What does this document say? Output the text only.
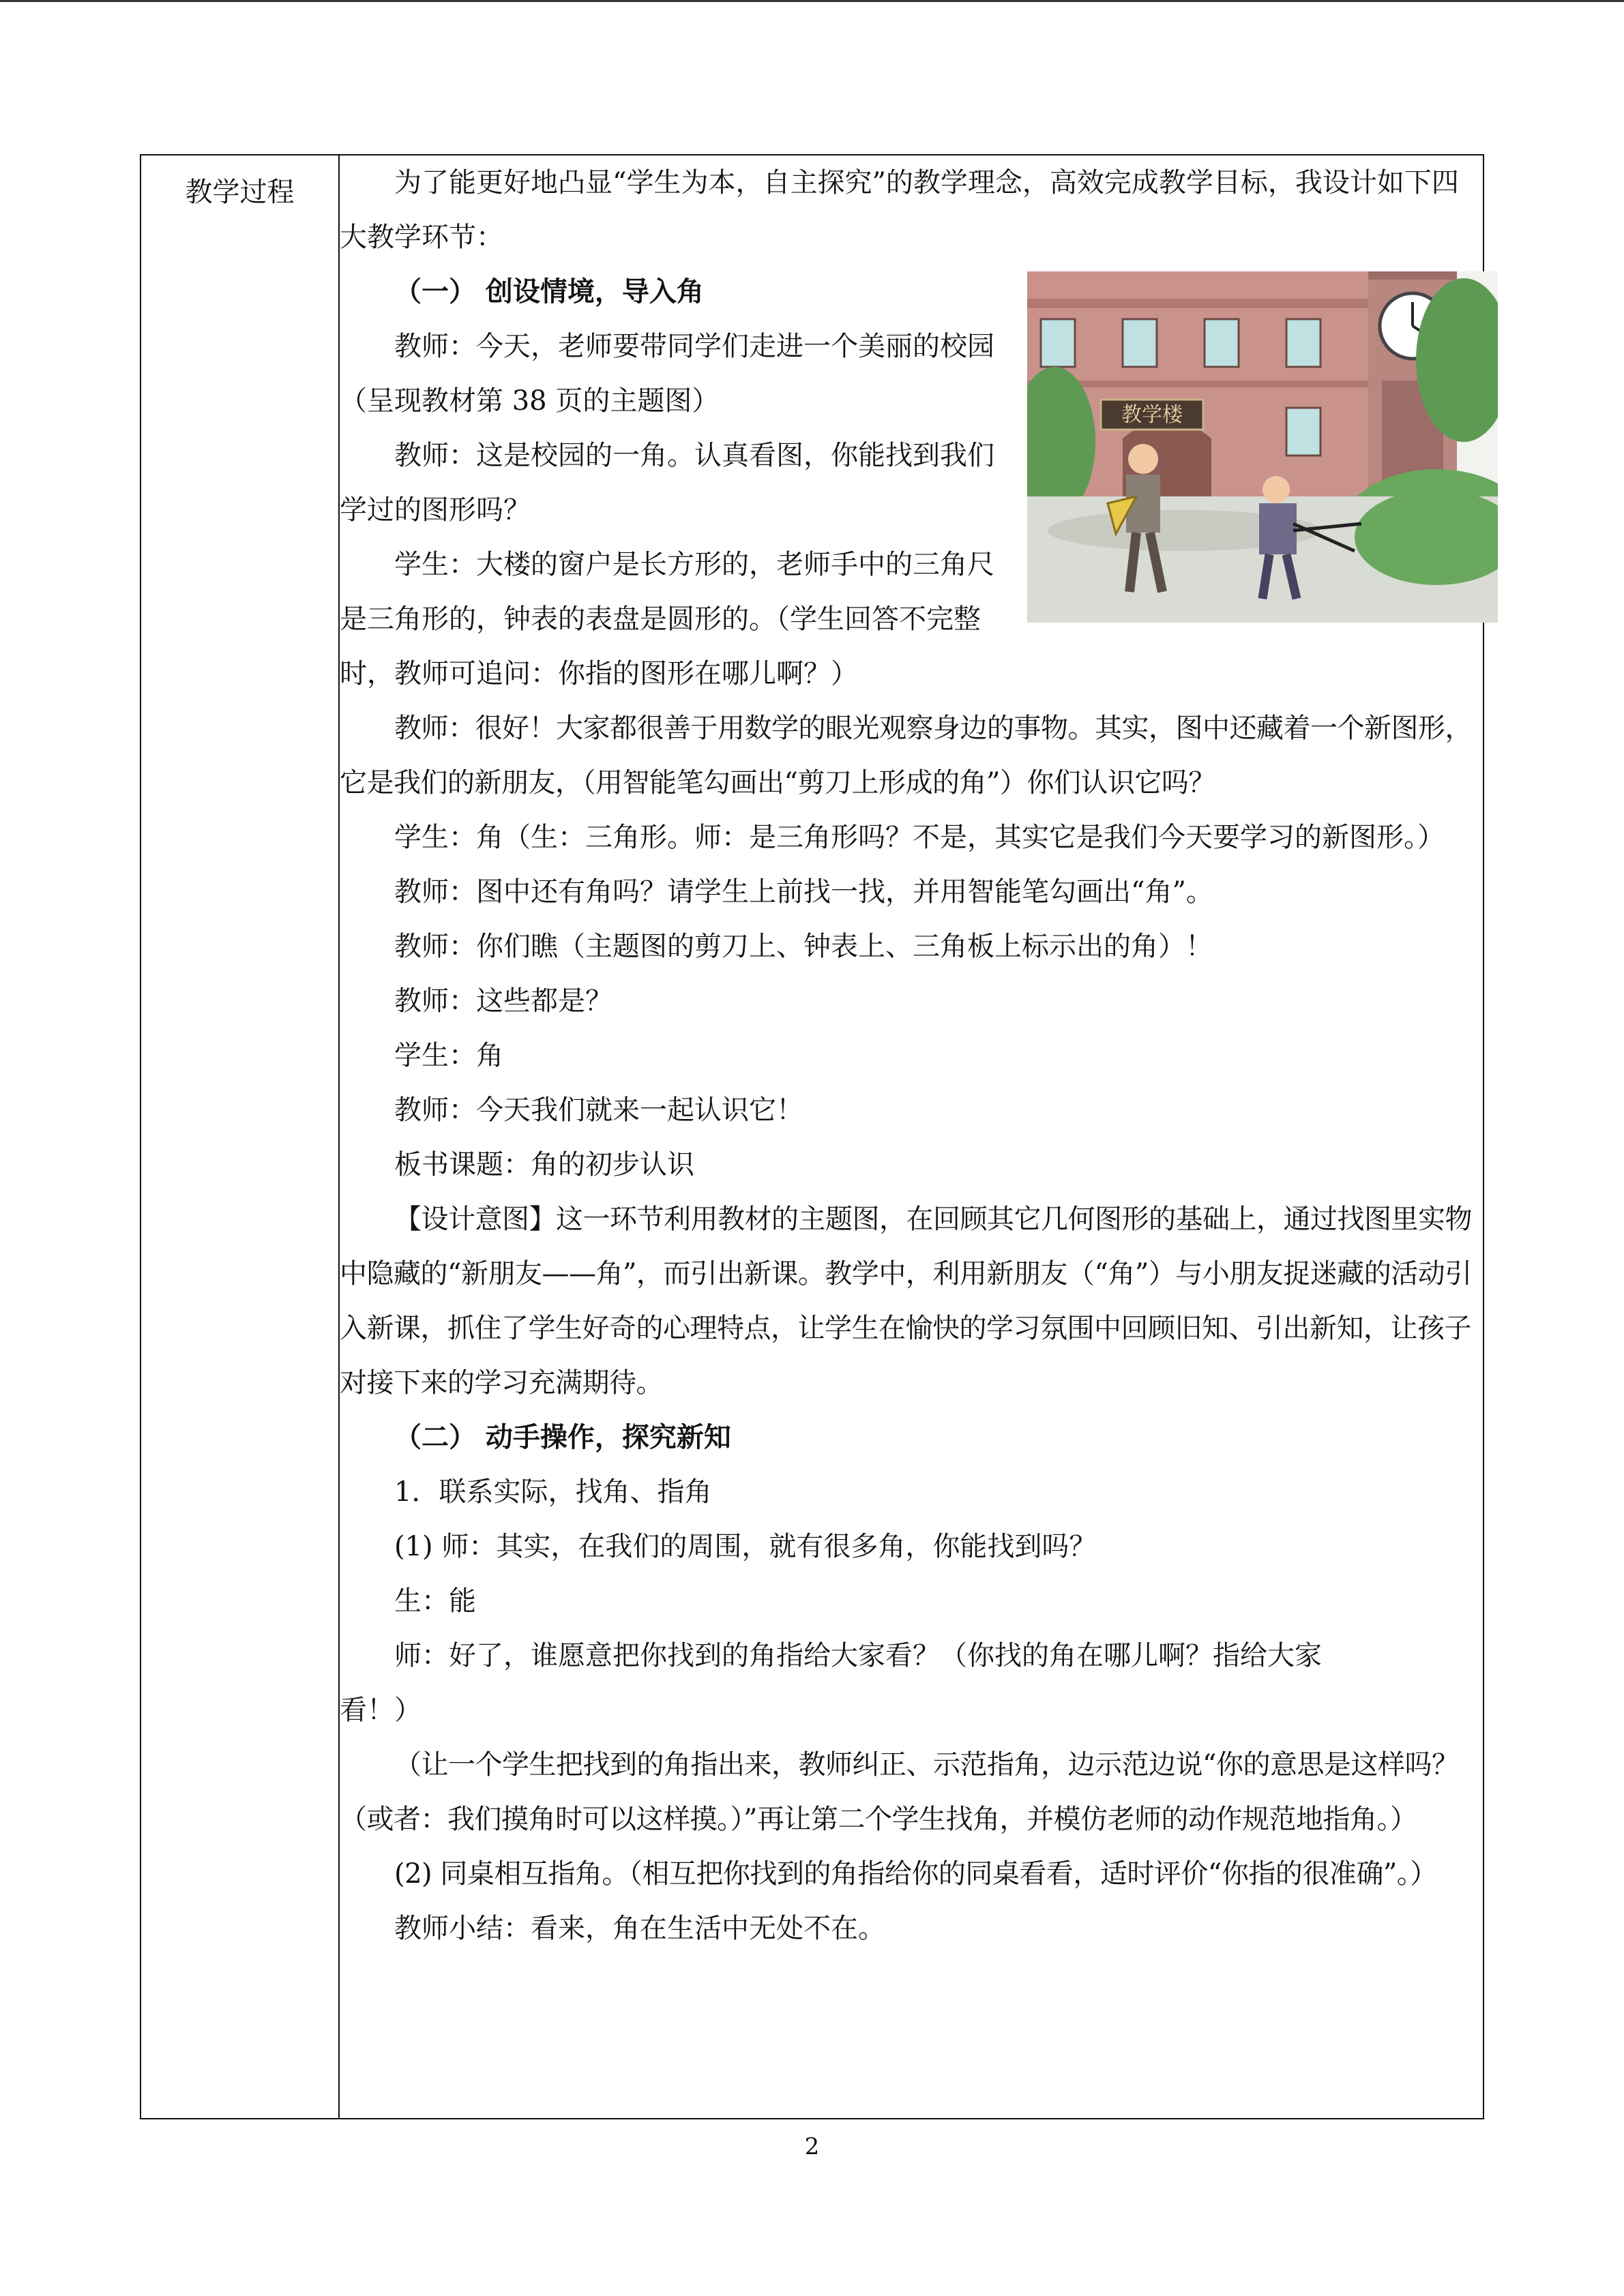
教学过程	为了能更好地凸显“学生为本，自主探究”的教学理念，高效完成教学目标，我设计如下四大教学环节：

教学楼

（一） 创设情境，导入角

教师：今天，老师要带同学们走进一个美丽的校园（呈现教材第 38 页的主题图）

教师：这是校园的一角。认真看图，你能找到我们学过的图形吗？

学生：大楼的窗户是长方形的，老师手中的三角尺是三角形的，钟表的表盘是圆形的。（学生回答不完整时，教师可追问：你指的图形在哪儿啊？）

教师：很好！大家都很善于用数学的眼光观察身边的事物。其实，图中还藏着一个新图形，它是我们的新朋友，（用智能笔勾画出“剪刀上形成的角”）你们认识它吗？

学生：角（生：三角形。师：是三角形吗？不是，其实它是我们今天要学习的新图形。）

教师：图中还有角吗？请学生上前找一找，并用智能笔勾画出“角”。

教师：你们瞧（主题图的剪刀上、钟表上、三角板上标示出的角）！

教师：这些都是？

学生：角

教师：今天我们就来一起认识它！

板书课题：角的初步认识

【设计意图】这一环节利用教材的主题图，在回顾其它几何图形的基础上，通过找图里实物中隐藏的“新朋友——角”，而引出新课。教学中，利用新朋友（“角”）与小朋友捉迷藏的活动引入新课，抓住了学生好奇的心理特点，让学生在愉快的学习氛围中回顾旧知、引出新知，让孩子对接下来的学习充满期待。

（二） 动手操作，探究新知

1．联系实际，找角、指角

(1) 师：其实，在我们的周围，就有很多角，你能找到吗？

生：能

师：好了，谁愿意把你找到的角指给大家看？（你找的角在哪儿啊？指给大家

看！）

（让一个学生把找到的角指出来，教师纠正、示范指角，边示范边说“你的意思是这样吗？（或者：我们摸角时可以这样摸。）”再让第二个学生找角，并模仿老师的动作规范地指角。）

(2) 同桌相互指角。（相互把你找到的角指给你的同桌看看，适时评价“你指的很准确”。）

教师小结：看来，角在生活中无处不在。

2
